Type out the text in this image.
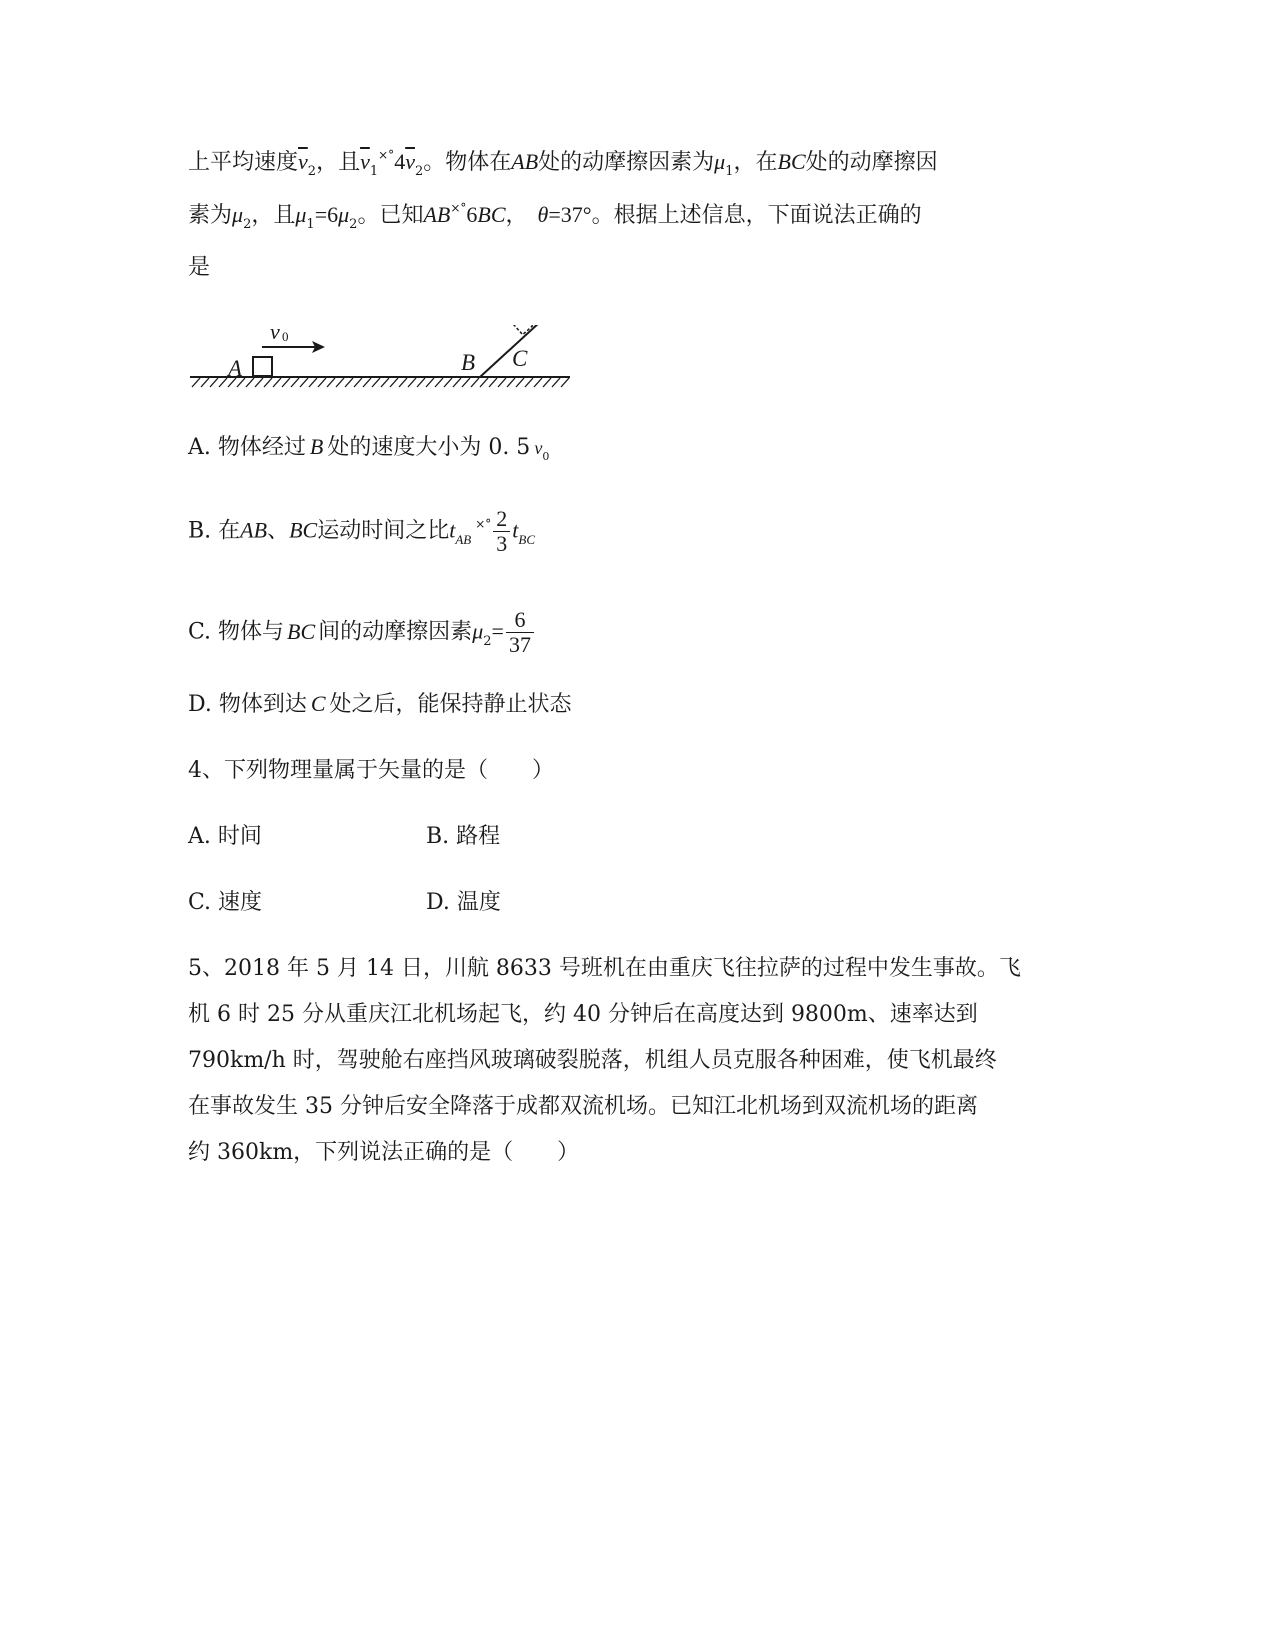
上平均速度$\overline{v}_2$，且$\overline{v}_1^{\times^\circ}4\overline{v}_2$。物体在AB处的动摩擦因素为$\mu_1$，在BC处的动摩擦因
素为$\mu_2$，且$\mu_1=6\mu_2$。已知AB×°6BC， θ=37°。根据上述信息，下面说法正确的
是
v 0
A	B C
A. 物体经过 B 处的速度大小为 0. 5 $v_0$
B. 在AB、BC运动时间之比$t_{AB}^{\times^\circ} \frac{2}{3} t_{BC}$
C. 物体与 BC 间的动摩擦因素$\mu_2= \frac{6}{37}$
D. 物体到达 C 处之后，能保持静止状态
4、下列物理量属于矢量的是（　　）
A. 时间	B. 路程
C. 速度	D. 温度
5、2018 年 5 月 14 日，川航 8633 号班机在由重庆飞往拉萨的过程中发生事故。飞
机 6 时 25 分从重庆江北机场起飞，约 40 分钟后在高度达到 9800m、速率达到
790km/h 时，驾驶舱右座挡风玻璃破裂脱落，机组人员克服各种困难，使飞机最终
在事故发生 35 分钟后安全降落于成都双流机场。已知江北机场到双流机场的距离
约 360km，下列说法正确的是（　　）
